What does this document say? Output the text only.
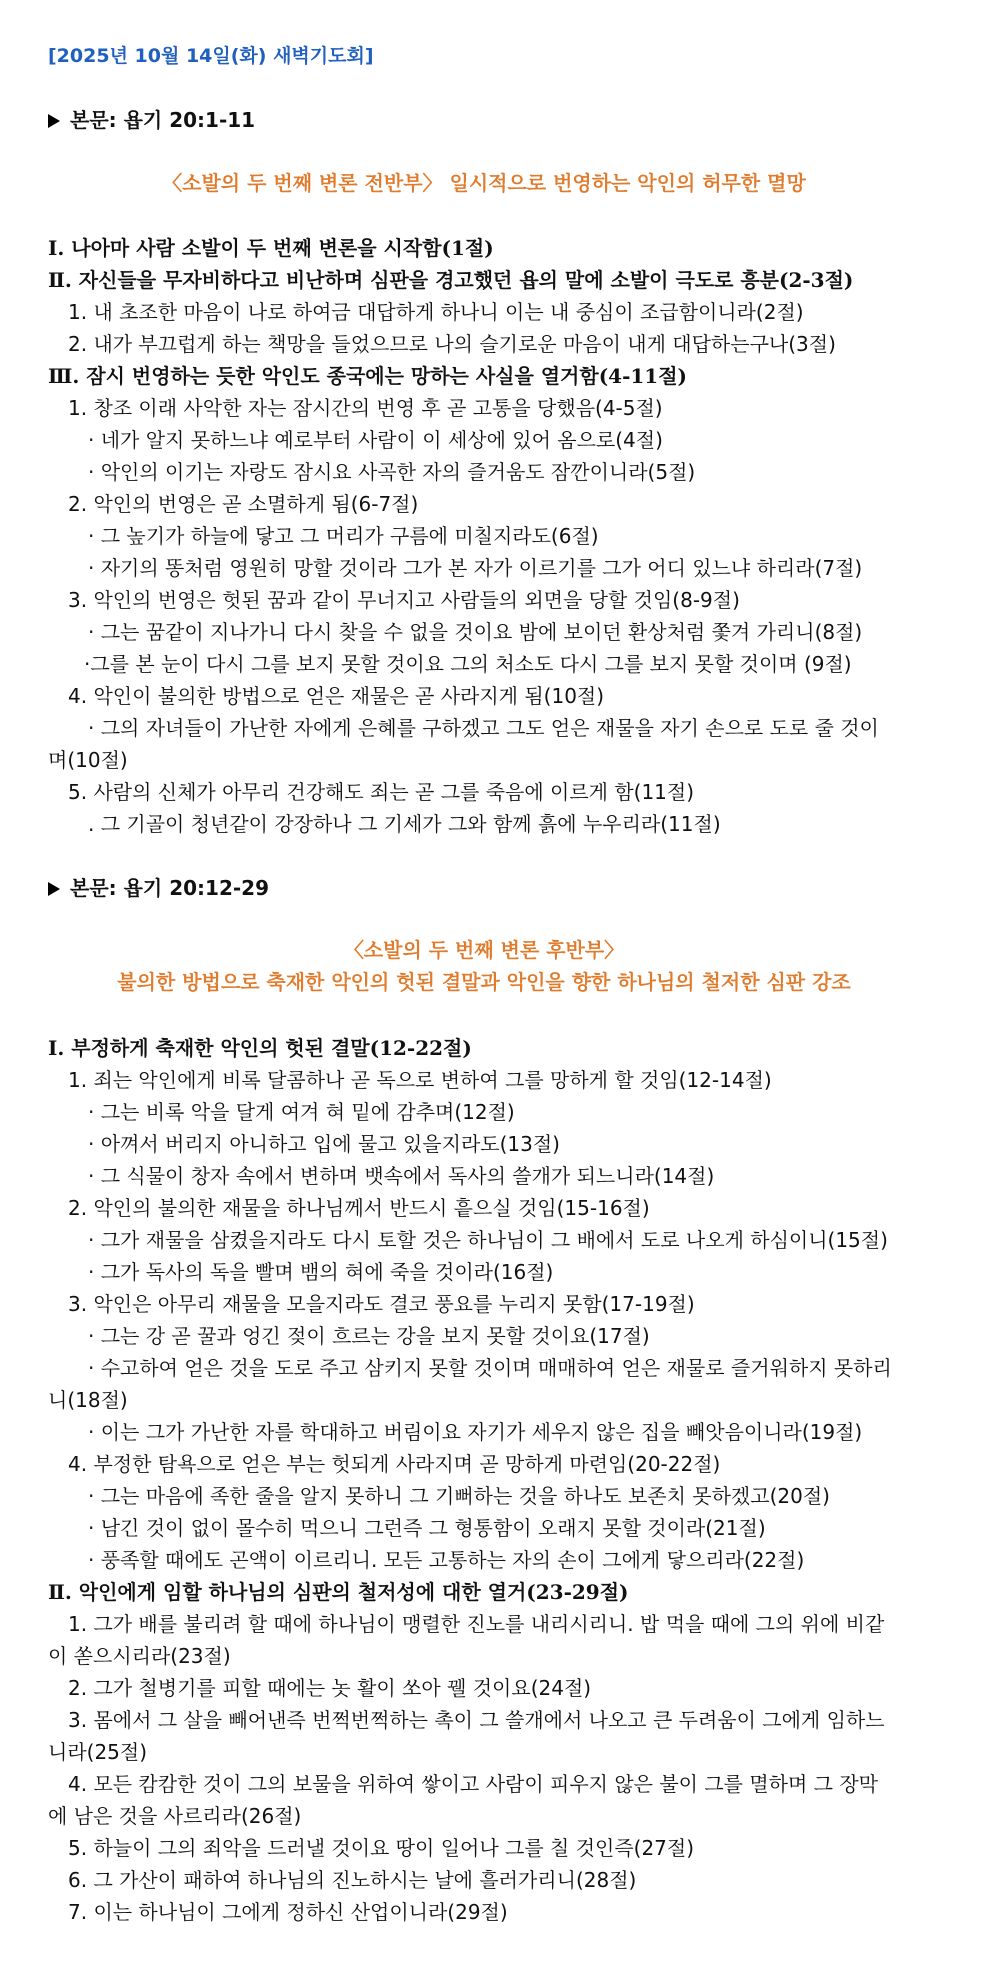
[2025년 10월 14일(화) 새벽기도회]
본문: 욥기 20:1-11
〈소발의 두 번째 변론 전반부〉 일시적으로 번영하는 악인의 허무한 멸망
Ⅰ. 나아마 사람 소발이 두 번째 변론을 시작함(1절)
Ⅱ. 자신들을 무자비하다고 비난하며 심판을 경고했던 욥의 말에 소발이 극도로 흥분(2-3절)
1. 내 초조한 마음이 나로 하여금 대답하게 하나니 이는 내 중심이 조급함이니라(2절)
2. 내가 부끄럽게 하는 책망을 들었으므로 나의 슬기로운 마음이 내게 대답하는구나(3절)
Ⅲ. 잠시 번영하는 듯한 악인도 종국에는 망하는 사실을 열거함(4-11절)
1. 창조 이래 사악한 자는 잠시간의 번영 후 곧 고통을 당했음(4-5절)
· 네가 알지 못하느냐 예로부터 사람이 이 세상에 있어 옴으로(4절)
· 악인의 이기는 자랑도 잠시요 사곡한 자의 즐거움도 잠깐이니라(5절)
2. 악인의 번영은 곧 소멸하게 됨(6-7절)
· 그 높기가 하늘에 닿고 그 머리가 구름에 미칠지라도(6절)
· 자기의 똥처럼 영원히 망할 것이라 그가 본 자가 이르기를 그가 어디 있느냐 하리라(7절)
3. 악인의 번영은 헛된 꿈과 같이 무너지고 사람들의 외면을 당할 것임(8-9절)
· 그는 꿈같이 지나가니 다시 찾을 수 없을 것이요 밤에 보이던 환상처럼 쫓겨 가리니(8절)
·그를 본 눈이 다시 그를 보지 못할 것이요 그의 처소도 다시 그를 보지 못할 것이며 (9절)
4. 악인이 불의한 방법으로 얻은 재물은 곧 사라지게 됨(10절)
· 그의 자녀들이 가난한 자에게 은혜를 구하겠고 그도 얻은 재물을 자기 손으로 도로 줄 것이
며(10절)
5. 사람의 신체가 아무리 건강해도 죄는 곧 그를 죽음에 이르게 함(11절)
. 그 기골이 청년같이 강장하나 그 기세가 그와 함께 흙에 누우리라(11절)
본문: 욥기 20:12-29
〈소발의 두 번째 변론 후반부〉
불의한 방법으로 축재한 악인의 헛된 결말과 악인을 향한 하나님의 철저한 심판 강조
Ⅰ. 부정하게 축재한 악인의 헛된 결말(12-22절)
1. 죄는 악인에게 비록 달콤하나 곧 독으로 변하여 그를 망하게 할 것임(12-14절)
· 그는 비록 악을 달게 여겨 혀 밑에 감추며(12절)
· 아껴서 버리지 아니하고 입에 물고 있을지라도(13절)
· 그 식물이 창자 속에서 변하며 뱃속에서 독사의 쓸개가 되느니라(14절)
2. 악인의 불의한 재물을 하나님께서 반드시 흩으실 것임(15-16절)
· 그가 재물을 삼켰을지라도 다시 토할 것은 하나님이 그 배에서 도로 나오게 하심이니(15절)
· 그가 독사의 독을 빨며 뱀의 혀에 죽을 것이라(16절)
3. 악인은 아무리 재물을 모을지라도 결코 풍요를 누리지 못함(17-19절)
· 그는 강 곧 꿀과 엉긴 젖이 흐르는 강을 보지 못할 것이요(17절)
· 수고하여 얻은 것을 도로 주고 삼키지 못할 것이며 매매하여 얻은 재물로 즐거워하지 못하리
니(18절)
· 이는 그가 가난한 자를 학대하고 버림이요 자기가 세우지 않은 집을 빼앗음이니라(19절)
4. 부정한 탐욕으로 얻은 부는 헛되게 사라지며 곧 망하게 마련임(20-22절)
· 그는 마음에 족한 줄을 알지 못하니 그 기뻐하는 것을 하나도 보존치 못하겠고(20절)
· 남긴 것이 없이 몰수히 먹으니 그런즉 그 형통함이 오래지 못할 것이라(21절)
· 풍족할 때에도 곤액이 이르리니. 모든 고통하는 자의 손이 그에게 닿으리라(22절)
Ⅱ. 악인에게 임할 하나님의 심판의 철저성에 대한 열거(23-29절)
1. 그가 배를 불리려 할 때에 하나님이 맹렬한 진노를 내리시리니. 밥 먹을 때에 그의 위에 비같
이 쏟으시리라(23절)
2. 그가 철병기를 피할 때에는 놋 활이 쏘아 꿸 것이요(24절)
3. 몸에서 그 살을 빼어낸즉 번쩍번쩍하는 촉이 그 쓸개에서 나오고 큰 두려움이 그에게 임하느
니라(25절)
4. 모든 캄캄한 것이 그의 보물을 위하여 쌓이고 사람이 피우지 않은 불이 그를 멸하며 그 장막
에 남은 것을 사르리라(26절)
5. 하늘이 그의 죄악을 드러낼 것이요 땅이 일어나 그를 칠 것인즉(27절)
6. 그 가산이 패하여 하나님의 진노하시는 날에 흘러가리니(28절)
7. 이는 하나님이 그에게 정하신 산업이니라(29절)
